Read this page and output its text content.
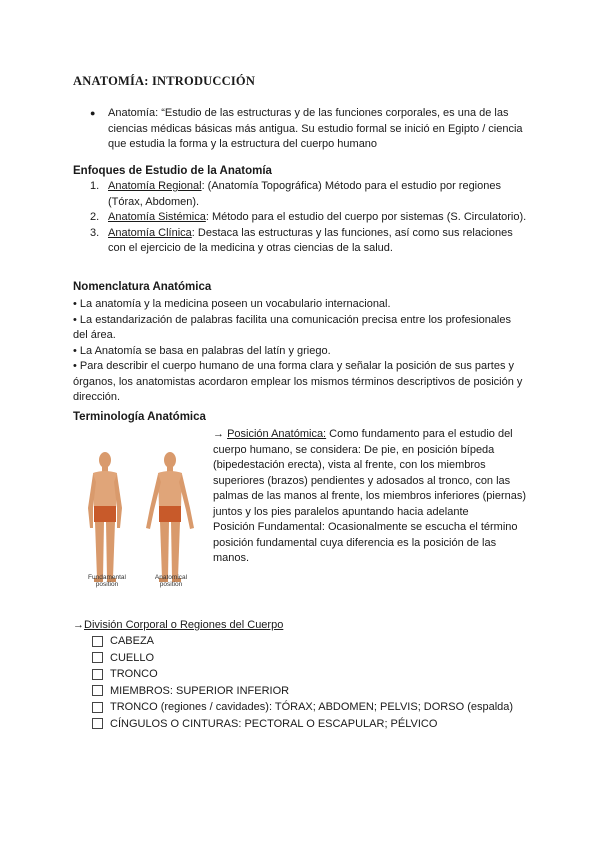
ANATOMÍA: INTRODUCCIÓN
● Anatomía: “Estudio de las estructuras y de las funciones corporales, es una de las ciencias médicas básicas más antigua. Su estudio formal se inició en Egipto / ciencia que estudia la forma y la estructura del cuerpo humano
Enfoques de Estudio de la Anatomía
1. Anatomía Regional: (Anatomía Topográfica) Método para el estudio por regiones (Tórax, Abdomen).
2. Anatomía Sistémica: Método para el estudio del cuerpo por sistemas (S. Circulatorio).
3. Anatomía Clínica: Destaca las estructuras y las funciones, así como sus relaciones con el ejercicio de la medicina y otras ciencias de la salud.
Nomenclatura Anatómica

• La anatomía y la medicina poseen un vocabulario internacional.

• La estandarización de palabras facilita una comunicación precisa entre los profesionales del área.

• La Anatomía se basa en palabras del latín y griego.

• Para describir el cuerpo humano de una forma clara y señalar la posición de sus partes y órganos, los anatomistas acordaron emplear los mismos términos descriptivos de posición y dirección.

Terminología Anatómica
Fundamental position
Anatomical position

→ Posición Anatómica: Como fundamento para el estudio del cuerpo humano, se considera: De pie, en posición bípeda (bipedestación erecta), vista al frente, con los miembros superiores (brazos) pendientes y adosados al tronco, con las palmas de las manos al frente, los miembros inferiores (piernas) juntos y los pies paralelos apuntando hacia adelante

Posición Fundamental: Ocasionalmente se escucha el término posición fundamental cuya diferencia es la posición de las manos.

→División Corporal o Regiones del Cuerpo
CABEZA
CUELLO
TRONCO
MIEMBROS: SUPERIOR INFERIOR
TRONCO (regiones / cavidades): TÓRAX; ABDOMEN; PELVIS; DORSO (espalda)
CÍNGULOS O CINTURAS: PECTORAL O ESCAPULAR; PÉLVICO
